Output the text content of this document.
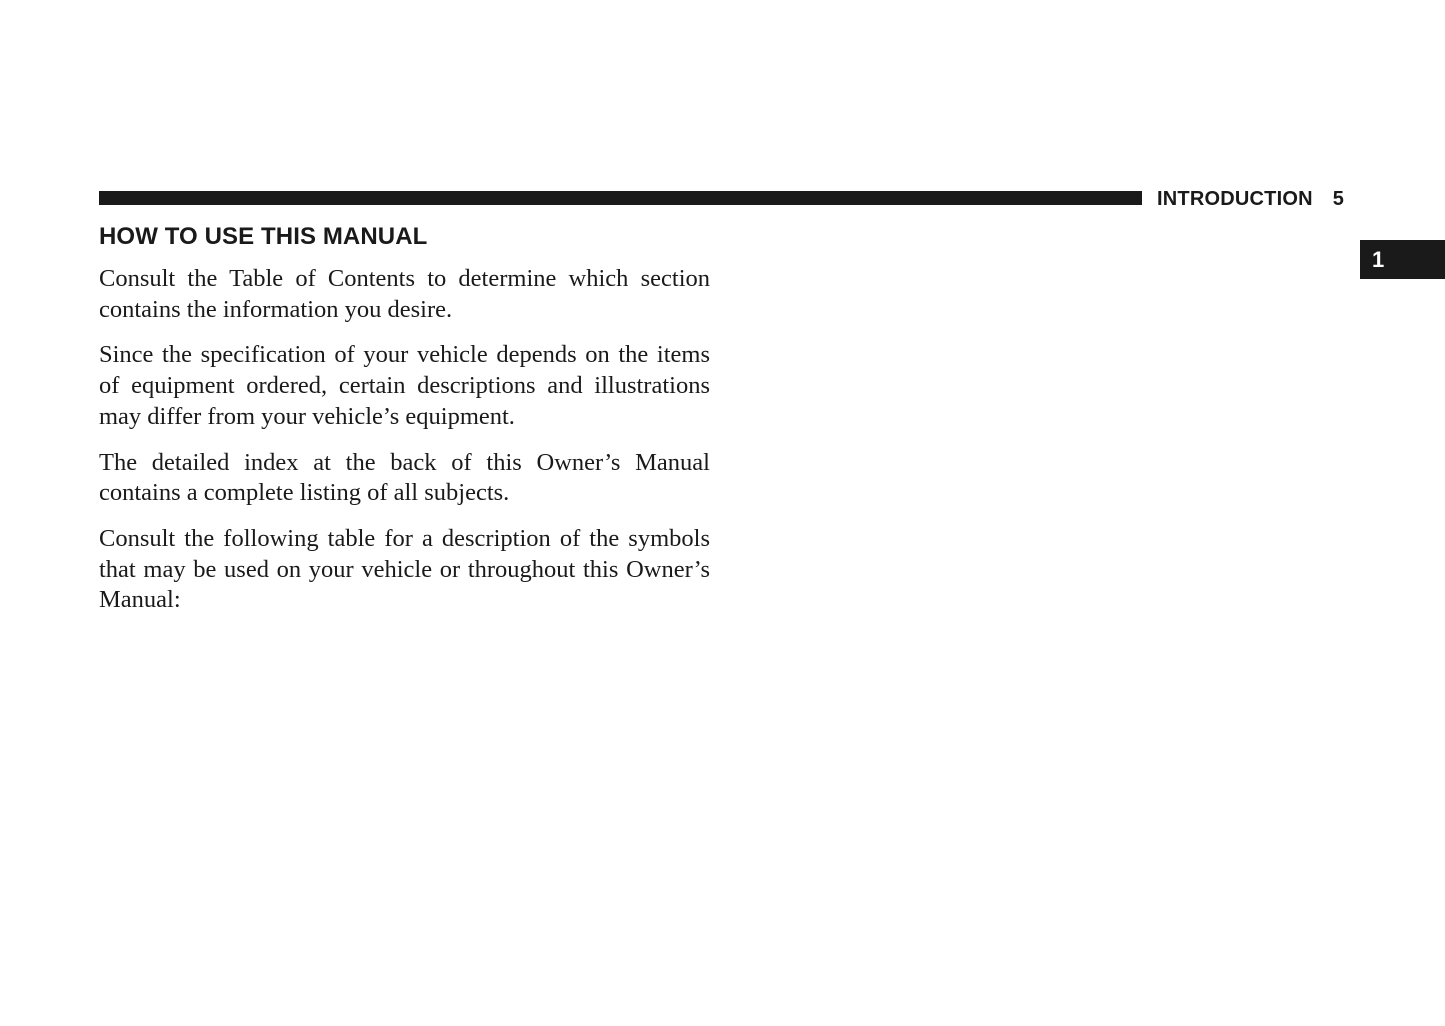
INTRODUCTION 5
1
HOW TO USE THIS MANUAL

Consult the Table of Contents to determine which section contains the information you desire.

Since the specification of your vehicle depends on the items of equipment ordered, certain descriptions and illustrations may differ from your vehicle’s equipment.

The detailed index at the back of this Owner’s Manual contains a complete listing of all subjects.

Consult the following table for a description of the symbols that may be used on your vehicle or throughout this Owner’s Manual:
